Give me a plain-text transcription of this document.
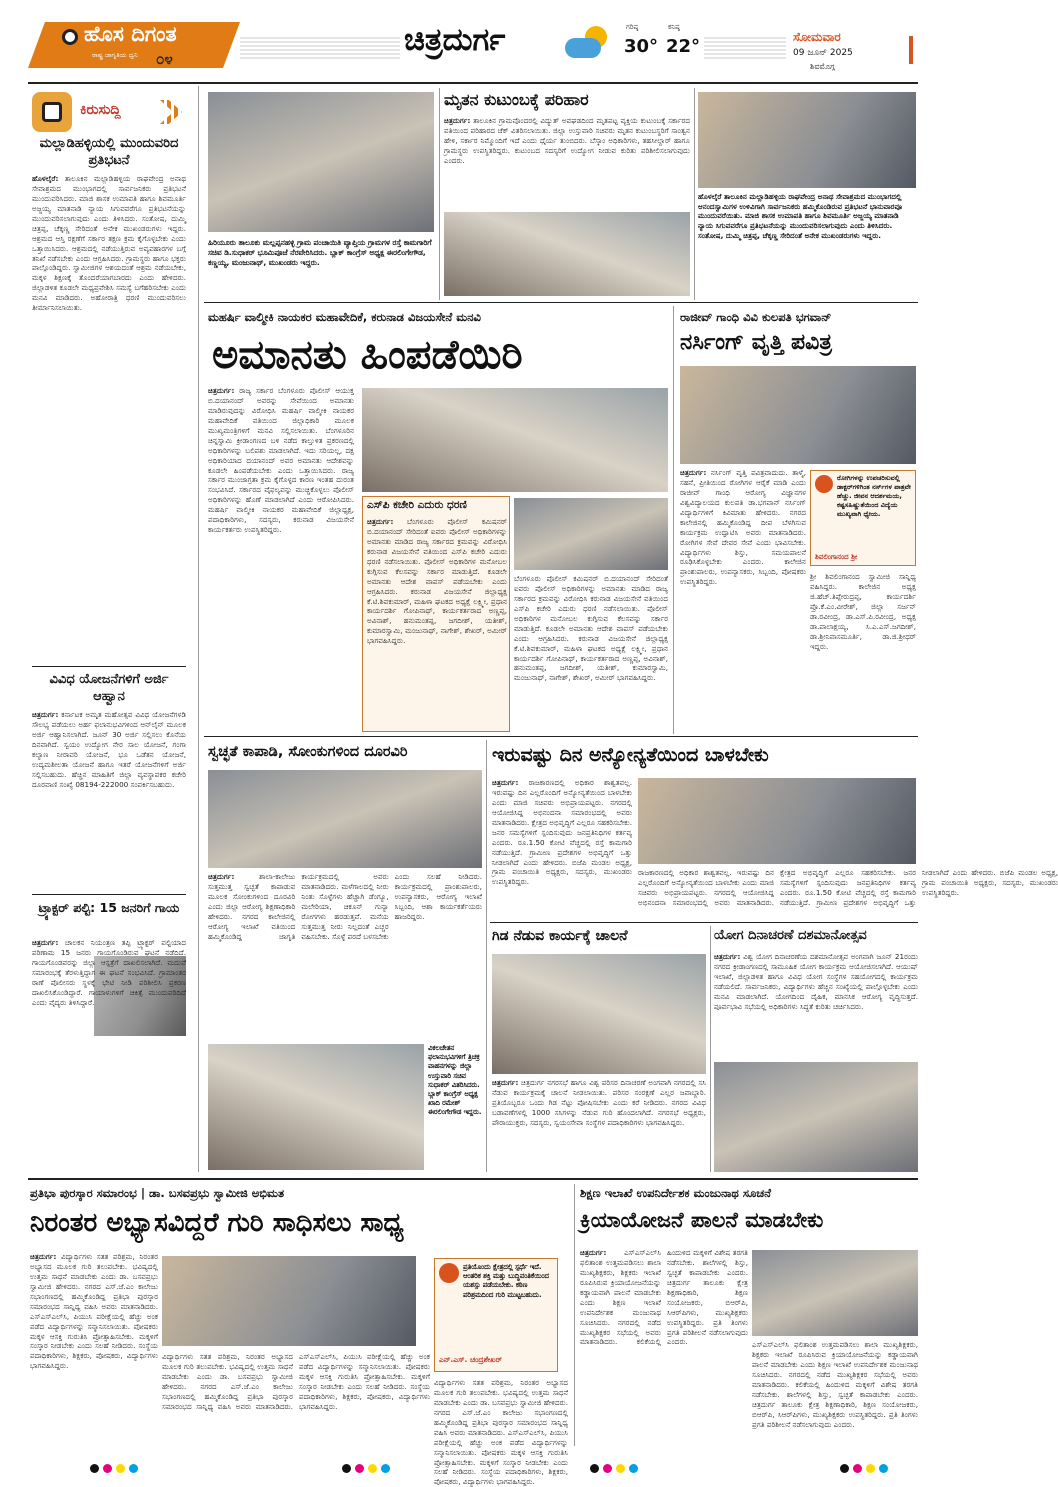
ಹೊಸ ದಿಗಂತ
ರಾಷ್ಟ್ರ ಜಾಗೃತಿಯ ಧ್ವನಿ	೦೪
ಚಿತ್ರದುರ್ಗ	ಗರಿಷ್ಠ
30°
ಕನಿಷ್ಠ
22°	ಸೋಮವಾರ
09 ಜೂನ್ 2025
ಶಿವಮೊಗ್ಗ
ಕಿರುಸುದ್ದಿ
ಮಲ್ಲಾಡಿಹಳ್ಳಿಯಲ್ಲಿ ಮುಂದುವರಿದ ಪ್ರತಿಭಟನೆ
ಹೊಳಲ್ಕೆರೆ: ತಾಲೂಕಿನ ಮಲ್ಲಾಡಿಹಳ್ಳಿಯ ರಾಘವೇಂದ್ರ ಅನಾಥ ಸೇವಾಶ್ರಮದ ಮುಂಭಾಗದಲ್ಲಿ ಸಾರ್ವಜನಿಕರು ಪ್ರತಿಭಟನೆ ಮುಂದುವರಿಸಿದರು. ಮಾಜಿ ಶಾಸಕ ಉಮಾಪತಿ ಹಾಗೂ ಶಿವಮೂರ್ತಿ ಅಜ್ಜಯ್ಯ ಮಾತನಾಡಿ ನ್ಯಾಯ ಸಿಗುವವರೆಗೂ ಪ್ರತಿಭಟನೆಯನ್ನು ಮುಂದುವರಿಸಲಾಗುವುದು ಎಂದು ತಿಳಿಸಿದರು. ಸಂತೋಷ, ದುಮ್ಮಿ ಚಿತ್ರಪ್ಪ, ಚೆಕ್ಕಣ್ಣ ಸೇರಿದಂತೆ ಅನೇಕ ಮುಖಂಡರುಗಳು ಇದ್ದರು. ಆಶ್ರಮದ ಆಸ್ತಿ ರಕ್ಷಣೆಗೆ ಸರ್ಕಾರ ತಕ್ಷಣ ಕ್ರಮ ಕೈಗೊಳ್ಳಬೇಕು ಎಂದು ಒತ್ತಾಯಿಸಿದರು. ಆಶ್ರಮದಲ್ಲಿ ನಡೆಯುತ್ತಿರುವ ಅವ್ಯವಹಾರಗಳ ಬಗ್ಗೆ ತನಿಖೆ ನಡೆಸಬೇಕು ಎಂದು ಆಗ್ರಹಿಸಿದರು. ಗ್ರಾಮಸ್ಥರು ಹಾಗೂ ಭಕ್ತರು ಪಾಲ್ಗೊಂಡಿದ್ದರು. ಸ್ವಾಮೀಜಿಗಳ ಆಶಯದಂತೆ ಆಶ್ರಮ ನಡೆಯಬೇಕು, ಮಕ್ಕಳ ಶಿಕ್ಷಣಕ್ಕೆ ತೊಂದರೆಯಾಗಬಾರದು ಎಂದು ಹೇಳಿದರು. ಜಿಲ್ಲಾಡಳಿತ ಕೂಡಲೇ ಮಧ್ಯಪ್ರವೇಶಿಸಿ ಸಮಸ್ಯೆ ಬಗೆಹರಿಸಬೇಕು ಎಂದು ಮನವಿ ಮಾಡಿದರು. ಅಹೋರಾತ್ರಿ ಧರಣಿ ಮುಂದುವರಿಸಲು ತೀರ್ಮಾನಿಸಲಾಯಿತು.
ವಿವಿಧ ಯೋಜನೆಗಳಿಗೆ ಅರ್ಜಿ ಆಹ್ವಾನ
ಚಿತ್ರದುರ್ಗ: ಕರ್ನಾಟಕ ಅಮೃತ ಮಹೋತ್ಸವ ವಿವಿಧ ಯೋಜನೆಗಳಡಿ ಸೌಲಭ್ಯ ಪಡೆಯಲು ಅರ್ಹ ಫಲಾನುಭವಿಗಳಿಂದ ಆನ್‌ಲೈನ್ ಮೂಲಕ ಅರ್ಜಿ ಆಹ್ವಾನಿಸಲಾಗಿದೆ. ಜೂನ್ 30 ಅರ್ಜಿ ಸಲ್ಲಿಸಲು ಕೊನೆಯ ದಿನವಾಗಿದೆ. ಸ್ವಯಂ ಉದ್ಯೋಗ ನೇರ ಸಾಲ ಯೋಜನೆ, ಗಂಗಾ ಕಲ್ಯಾಣ ನೀರಾವರಿ ಯೋಜನೆ, ಭೂ ಒಡೆತನ ಯೋಜನೆ, ಉದ್ಯಮಶೀಲತಾ ಯೋಜನೆ ಹಾಗೂ ಇತರೆ ಯೋಜನೆಗಳಿಗೆ ಅರ್ಜಿ ಸಲ್ಲಿಸಬಹುದು. ಹೆಚ್ಚಿನ ಮಾಹಿತಿಗೆ ಜಿಲ್ಲಾ ವ್ಯವಸ್ಥಾಪಕರ ಕಚೇರಿ ದೂರವಾಣಿ ಸಂಖ್ಯೆ 08194-222000 ಸಂಪರ್ಕಿಸಬಹುದು.
ಟ್ರ್ಯಾಕ್ಟರ್ ಪಲ್ಟಿ: 15 ಜನರಿಗೆ ಗಾಯ
ಚಿತ್ರದುರ್ಗ: ಚಾಲಕನ ನಿಯಂತ್ರಣ ತಪ್ಪಿ ಟ್ರ್ಯಾಕ್ಟರ್ ಪಲ್ಟಿಯಾದ ಪರಿಣಾಮ 15 ಜನರು ಗಾಯಗೊಂಡಿರುವ ಘಟನೆ ನಡೆದಿದೆ. ಗಾಯಗೊಂಡವರನ್ನು ಜಿಲ್ಲಾ ಆಸ್ಪತ್ರೆಗೆ ದಾಖಲಿಸಲಾಗಿದೆ. ಮದುವೆ ಸಮಾರಂಭಕ್ಕೆ ತೆರಳುತ್ತಿದ್ದಾಗ ಈ ಘಟನೆ ಸಂಭವಿಸಿದೆ. ಗ್ರಾಮಾಂತರ ಠಾಣೆ ಪೊಲೀಸರು ಸ್ಥಳಕ್ಕೆ ಭೇಟಿ ನೀಡಿ ಪರಿಶೀಲಿಸಿ ಪ್ರಕರಣ ದಾಖಲಿಸಿಕೊಂಡಿದ್ದಾರೆ. ಗಾಯಾಳುಗಳಿಗೆ ಚಿಕಿತ್ಸೆ ಮುಂದುವರಿದಿದೆ ಎಂದು ವೈದ್ಯರು ತಿಳಿಸಿದ್ದಾರೆ.
ಹಿರಿಯೂರು ತಾಲೂಕು ಮಲ್ಲಪ್ಪನಹಳ್ಳಿ ಗ್ರಾಮ ಪಂಚಾಯಿತಿ ವ್ಯಾಪ್ತಿಯ ಗ್ರಾಮಗಳ ರಸ್ತೆ ಕಾಮಗಾರಿಗೆ ಸಚಿವ ಡಿ.ಸುಧಾಕರ್ ಭೂಮಿಪೂಜೆ ನೆರವೇರಿಸಿದರು. ಬ್ಲಾಕ್ ಕಾಂಗ್ರೆಸ್ ಅಧ್ಯಕ್ಷ ಈರಲಿಂಗೇಗೌಡ, ಕಣ್ಣಯ್ಯ, ಮಂಜುನಾಥ್, ಮುಖಂಡರು ಇದ್ದರು.
ಮೃತನ ಕುಟುಂಬಕ್ಕೆ ಪರಿಹಾರ
ಚಿತ್ರದುರ್ಗ: ತಾಲೂಕಿನ ಗ್ರಾಮವೊಂದರಲ್ಲಿ ವಿದ್ಯುತ್ ಅವಘಡದಿಂದ ಮೃತಪಟ್ಟ ವ್ಯಕ್ತಿಯ ಕುಟುಂಬಕ್ಕೆ ಸರ್ಕಾರದ ವತಿಯಿಂದ ಪರಿಹಾರದ ಚೆಕ್ ವಿತರಿಸಲಾಯಿತು. ಜಿಲ್ಲಾ ಉಸ್ತುವಾರಿ ಸಚಿವರು ಮೃತನ ಕುಟುಂಬಸ್ಥರಿಗೆ ಸಾಂತ್ವನ ಹೇಳಿ, ಸರ್ಕಾರ ನಿಮ್ಮೊಂದಿಗೆ ಇದೆ ಎಂದು ಧೈರ್ಯ ತುಂಬಿದರು. ಬೆಸ್ಕಾಂ ಅಧಿಕಾರಿಗಳು, ತಹಸೀಲ್ದಾರ್ ಹಾಗೂ ಗ್ರಾಮಸ್ಥರು ಉಪಸ್ಥಿತರಿದ್ದರು. ಕುಟುಂಬದ ಸದಸ್ಯರಿಗೆ ಉದ್ಯೋಗ ನೀಡುವ ಕುರಿತು ಪರಿಶೀಲಿಸಲಾಗುವುದು ಎಂದರು.
ಹೊಳಲ್ಕೆರೆ ತಾಲೂಕಿನ ಮಲ್ಲಾಡಿಹಳ್ಳಿಯ ರಾಘವೇಂದ್ರ ಅನಾಥ ಸೇವಾಶ್ರಮದ ಮುಂಭಾಗದಲ್ಲಿ ಆನಂದಸ್ವಾಮಿಗಳ ಉಳಿವಿಗಾಗಿ ಸಾರ್ವಜನಿಕರು ಹಮ್ಮಿಕೊಂಡಿರುವ ಪ್ರತಿಭಟನೆ ಭಾನುವಾರವೂ ಮುಂದುವರೆಯಿತು. ಮಾಜಿ ಶಾಸಕ ಉಮಾಪತಿ ಹಾಗೂ ಶಿವಮೂರ್ತಿ ಅಜ್ಜಯ್ಯ ಮಾತನಾಡಿ ನ್ಯಾಯ ಸಿಗುವವರೆಗೂ ಪ್ರತಿಭಟನೆಯನ್ನು ಮುಂದುವರಿಸಲಾಗುವುದು ಎಂದು ತಿಳಿಸಿದರು. ಸಂತೋಷ, ದುಮ್ಮಿ ಚಿತ್ರಪ್ಪ, ಚೆಕ್ಕಣ್ಣ ಸೇರಿದಂತೆ ಅನೇಕ ಮುಖಂಡರುಗಳು ಇದ್ದರು.
ಮಹರ್ಷಿ ವಾಲ್ಮೀಕಿ ನಾಯಕರ ಮಹಾವೇದಿಕೆ, ಕರುನಾಡ ವಿಜಯಸೇನೆ ಮನವಿ
ಅಮಾನತು ಹಿಂಪಡೆಯಿರಿ
ಚಿತ್ರದುರ್ಗ: ರಾಜ್ಯ ಸರ್ಕಾರ ಬೆಂಗಳೂರು ಪೊಲೀಸ್ ಆಯುಕ್ತ ಬಿ.ದಯಾನಂದ್ ಅವರನ್ನು ಸೇವೆಯಿಂದ ಅಮಾನತು ಮಾಡಿರುವುದನ್ನು ವಿರೋಧಿಸಿ ಮಹರ್ಷಿ ವಾಲ್ಮೀಕಿ ನಾಯಕರ ಮಹಾವೇದಿಕೆ ವತಿಯಿಂದ ಜಿಲ್ಲಾಧಿಕಾರಿ ಮೂಲಕ ಮುಖ್ಯಮಂತ್ರಿಗಳಿಗೆ ಮನವಿ ಸಲ್ಲಿಸಲಾಯಿತು. ಬೆಂಗಳೂರಿನ ಚಿನ್ನಸ್ವಾಮಿ ಕ್ರೀಡಾಂಗಣದ ಬಳಿ ನಡೆದ ಕಾಲ್ತುಳಿತ ಪ್ರಕರಣದಲ್ಲಿ ಅಧಿಕಾರಿಗಳನ್ನು ಬಲಿಪಶು ಮಾಡಲಾಗಿದೆ. ಇದು ಸರಿಯಲ್ಲ, ದಕ್ಷ ಅಧಿಕಾರಿಯಾದ ದಯಾನಂದ್ ಅವರ ಅಮಾನತು ಆದೇಶವನ್ನು ಕೂಡಲೇ ಹಿಂಪಡೆಯಬೇಕು ಎಂದು ಒತ್ತಾಯಿಸಿದರು. ರಾಜ್ಯ ಸರ್ಕಾರ ಮುಂಜಾಗ್ರತಾ ಕ್ರಮ ಕೈಗೊಳ್ಳದ ಕಾರಣ ಇಂತಹ ದುರಂತ ಸಂಭವಿಸಿದೆ. ಸರ್ಕಾರದ ವೈಫಲ್ಯವನ್ನು ಮುಚ್ಚಿಕೊಳ್ಳಲು ಪೊಲೀಸ್ ಅಧಿಕಾರಿಗಳನ್ನು ಹೊಣೆ ಮಾಡಲಾಗಿದೆ ಎಂದು ಆರೋಪಿಸಿದರು. ಮಹರ್ಷಿ ವಾಲ್ಮೀಕಿ ನಾಯಕರ ಮಹಾವೇದಿಕೆ ಜಿಲ್ಲಾಧ್ಯಕ್ಷ, ಪದಾಧಿಕಾರಿಗಳು, ಸದಸ್ಯರು, ಕರುನಾಡ ವಿಜಯಸೇನೆ ಕಾರ್ಯಕರ್ತರು ಉಪಸ್ಥಿತರಿದ್ದರು.
ಎಸ್‌ಪಿ ಕಚೇರಿ ಎದುರು ಧರಣಿ
ಚಿತ್ರದುರ್ಗ: ಬೆಂಗಳೂರು ಪೊಲೀಸ್ ಕಮಿಷನರ್ ಬಿ.ದಯಾನಂದ್ ಸೇರಿದಂತೆ ಐವರು ಪೊಲೀಸ್ ಅಧಿಕಾರಿಗಳನ್ನು ಅಮಾನತು ಮಾಡಿದ ರಾಜ್ಯ ಸರ್ಕಾರದ ಕ್ರಮವನ್ನು ವಿರೋಧಿಸಿ ಕರುನಾಡ ವಿಜಯಸೇನೆ ವತಿಯಿಂದ ಎಸ್‌ಪಿ ಕಚೇರಿ ಎದುರು ಧರಣಿ ನಡೆಸಲಾಯಿತು. ಪೊಲೀಸ್ ಅಧಿಕಾರಿಗಳ ಮನೋಬಲ ಕುಗ್ಗಿಸುವ ಕೆಲಸವನ್ನು ಸರ್ಕಾರ ಮಾಡುತ್ತಿದೆ. ಕೂಡಲೇ ಅಮಾನತು ಆದೇಶ ವಾಪಸ್ ಪಡೆಯಬೇಕು ಎಂದು ಆಗ್ರಹಿಸಿದರು. ಕರುನಾಡ ವಿಜಯಸೇನೆ ಜಿಲ್ಲಾಧ್ಯಕ್ಷ ಕೆ.ಟಿ.ಶಿವಕುಮಾರ್, ಮಹಿಳಾ ಘಟಕದ ಅಧ್ಯಕ್ಷೆ ಲಕ್ಷ್ಮೀ, ಪ್ರಧಾನ ಕಾರ್ಯದರ್ಶಿ ಗೋಪಿನಾಥ್, ಕಾರ್ಯಕರ್ತರಾದ ಅಣ್ಣಪ್ಪ, ಅವಿನಾಶ್, ಹನುಮಂತಪ್ಪ, ಜಗದೀಶ್, ಯತೀಶ್, ಕುಮಾರಸ್ವಾಮಿ, ಮಂಜುನಾಥ್, ನಾಗೇಶ್, ಶೇಖರ್, ಅಮೀರ್ ಭಾಗವಹಿಸಿದ್ದರು.
ಬೆಂಗಳೂರು ಪೊಲೀಸ್ ಕಮಿಷನರ್ ಬಿ.ದಯಾನಂದ್ ಸೇರಿದಂತೆ ಐವರು ಪೊಲೀಸ್ ಅಧಿಕಾರಿಗಳನ್ನು ಅಮಾನತು ಮಾಡಿದ ರಾಜ್ಯ ಸರ್ಕಾರದ ಕ್ರಮವನ್ನು ವಿರೋಧಿಸಿ ಕರುನಾಡ ವಿಜಯಸೇನೆ ವತಿಯಿಂದ ಎಸ್‌ಪಿ ಕಚೇರಿ ಎದುರು ಧರಣಿ ನಡೆಸಲಾಯಿತು. ಪೊಲೀಸ್ ಅಧಿಕಾರಿಗಳ ಮನೋಬಲ ಕುಗ್ಗಿಸುವ ಕೆಲಸವನ್ನು ಸರ್ಕಾರ ಮಾಡುತ್ತಿದೆ. ಕೂಡಲೇ ಅಮಾನತು ಆದೇಶ ವಾಪಸ್ ಪಡೆಯಬೇಕು ಎಂದು ಆಗ್ರಹಿಸಿದರು. ಕರುನಾಡ ವಿಜಯಸೇನೆ ಜಿಲ್ಲಾಧ್ಯಕ್ಷ ಕೆ.ಟಿ.ಶಿವಕುಮಾರ್, ಮಹಿಳಾ ಘಟಕದ ಅಧ್ಯಕ್ಷೆ ಲಕ್ಷ್ಮೀ, ಪ್ರಧಾನ ಕಾರ್ಯದರ್ಶಿ ಗೋಪಿನಾಥ್, ಕಾರ್ಯಕರ್ತರಾದ ಅಣ್ಣಪ್ಪ, ಅವಿನಾಶ್, ಹನುಮಂತಪ್ಪ, ಜಗದೀಶ್, ಯತೀಶ್, ಕುಮಾರಸ್ವಾಮಿ, ಮಂಜುನಾಥ್, ನಾಗೇಶ್, ಶೇಖರ್, ಅಮೀರ್ ಭಾಗವಹಿಸಿದ್ದರು.
ರಾಜೀವ್ ಗಾಂಧಿ ವಿವಿ ಕುಲಪತಿ ಭಗವಾನ್
ನರ್ಸಿಂಗ್ ವೃತ್ತಿ ಪವಿತ್ರ
ಚಿತ್ರದುರ್ಗ: ನರ್ಸಿಂಗ್ ವೃತ್ತಿ ಪವಿತ್ರವಾದುದು. ತಾಳ್ಮೆ, ಸಹನೆ, ಪ್ರೀತಿಯಿಂದ ರೋಗಿಗಳ ಆರೈಕೆ ಮಾಡಿ ಎಂದು ರಾಜೀವ್ ಗಾಂಧಿ ಆರೋಗ್ಯ ವಿಜ್ಞಾನಗಳ ವಿಶ್ವವಿದ್ಯಾಲಯದ ಕುಲಪತಿ ಡಾ.ಭಗವಾನ್ ನರ್ಸಿಂಗ್ ವಿದ್ಯಾರ್ಥಿಗಳಿಗೆ ಕಿವಿಮಾತು ಹೇಳಿದರು. ನಗರದ ಕಾಲೇಜಿನಲ್ಲಿ ಹಮ್ಮಿಕೊಂಡಿದ್ದ ದೀಪ ಬೆಳಗಿಸುವ ಕಾರ್ಯಕ್ರಮ ಉದ್ಘಾಟಿಸಿ ಅವರು ಮಾತನಾಡಿದರು. ರೋಗಿಗಳ ಸೇವೆ ದೇವರ ಸೇವೆ ಎಂದು ಭಾವಿಸಬೇಕು. ವಿದ್ಯಾರ್ಥಿಗಳು ಶಿಸ್ತು, ಸಮಯಪಾಲನೆ ರೂಢಿಸಿಕೊಳ್ಳಬೇಕು ಎಂದರು. ಕಾಲೇಜಿನ ಪ್ರಾಂಶುಪಾಲರು, ಉಪನ್ಯಾಸಕರು, ಸಿಬ್ಬಂದಿ, ಪೋಷಕರು ಉಪಸ್ಥಿತರಿದ್ದರು.
ರೋಗಿಗಳನ್ನು ಉಪಚರಿಸುವಲ್ಲಿ ಡಾಕ್ಟರ್‌ಗಳಿಗಿಂತ ನರ್ಸ್‌ಗಳ ಪಾತ್ರವೇ ಹೆಚ್ಚು. ಜೀವನ ಆದರ್ಶಮಯ, ಕಷ್ಟಸಹಿಷ್ಣುತೆಯಿಂದ ವಿದ್ಯೆಯ ಮುಖ್ಯವಾಗಿ ಧ್ಯೇಯ.
ಶಿವಲಿಂಗಾನಂದ ಶ್ರೀ
ಶ್ರೀ ಶಿವಲಿಂಗಾನಂದ ಸ್ವಾಮೀಜಿ ಸಾನ್ನಿಧ್ಯ ವಹಿಸಿದ್ದರು. ಕಾಲೇಜಿನ ಅಧ್ಯಕ್ಷ ಜಿ.ಹೆಚ್.ತಿಪ್ಪೇರುದ್ರಪ್ಪ, ಕಾರ್ಯದರ್ಶಿ ಪ್ರೊ.ಕೆ.ಎಂ.ವೀರೇಶ್, ಜಿಲ್ಲಾ ಸರ್ಜನ್ ಡಾ.ರವೀಂದ್ರ, ಡಾ.ಎಸ್.ಪಿ.ರವೀಂದ್ರ, ಅಧ್ಯಕ್ಷ ಡಾ.ಪಾಲಾಕ್ಷಯ್ಯ, ಸಿ.ಎ.ಎಸ್.ಜಗದೀಶ್, ಡಾ.ಶ್ರೀನಿವಾಸಮೂರ್ತಿ, ಡಾ.ಜಿ.ಶ್ರೀಧರ್ ಇದ್ದರು.
ಸ್ವಚ್ಛತೆ ಕಾಪಾಡಿ, ಸೋಂಕುಗಳಿಂದ ದೂರವಿರಿ
ಚಿತ್ರದುರ್ಗ:	ಶಾಲಾ-ಕಾಲೇಜು ಸುತ್ತಮುತ್ತ ಸ್ವಚ್ಛತೆ ಕಾಪಾಡುವ ಮೂಲಕ ಸೋಂಕುಗಳಿಂದ ದೂರವಿರಿ ಎಂದು ಜಿಲ್ಲಾ ಆರೋಗ್ಯ ಶಿಕ್ಷಣಾಧಿಕಾರಿ ಹೇಳಿದರು. ನಗರದ ಕಾಲೇಜಿನಲ್ಲಿ ಆರೋಗ್ಯ ಇಲಾಖೆ ವತಿಯಿಂದ ಹಮ್ಮಿಕೊಂಡಿದ್ದ ಜಾಗೃತಿ ಕಾರ್ಯಕ್ರಮದಲ್ಲಿ ಅವರು ಮಾತನಾಡಿದರು. ಮಳೆಗಾಲದಲ್ಲಿ ನೀರು ನಿಂತು ಸೊಳ್ಳೆಗಳು ಹೆಚ್ಚಾಗಿ ಡೆಂಗ್ಯೂ, ಮಲೇರಿಯಾ, ಚಿಕೂನ್ ಗುನ್ಯಾ ರೋಗಗಳು ಹರಡುತ್ತವೆ. ಮನೆಯ ಸುತ್ತಮುತ್ತ ನೀರು ನಿಲ್ಲದಂತೆ ಎಚ್ಚರ ವಹಿಸಬೇಕು. ಸೊಳ್ಳೆ ಪರದೆ ಬಳಸಬೇಕು ಎಂದು ಸಲಹೆ ನೀಡಿದರು. ಕಾರ್ಯಕ್ರಮದಲ್ಲಿ ಪ್ರಾಂಶುಪಾಲರು, ಉಪನ್ಯಾಸಕರು, ಆರೋಗ್ಯ ಇಲಾಖೆ ಸಿಬ್ಬಂದಿ, ಆಶಾ ಕಾರ್ಯಕರ್ತೆಯರು ಹಾಜರಿದ್ದರು.
ವಿಕಲಚೇತನ ಫಲಾನುಭವಿಗಳಿಗೆ ತ್ರಿಚಕ್ರ ವಾಹನಗಳನ್ನು ಜಿಲ್ಲಾ ಉಸ್ತುವಾರಿ ಸಚಿವ ಸುಧಾಕರ್ ವಿತರಿಸಿದರು. ಬ್ಲಾಕ್ ಕಾಂಗ್ರೆಸ್ ಅಧ್ಯಕ್ಷ ಖಾದಿ ರಮೇಶ್ ಈರಲಿಂಗೇಗೌಡ ಇದ್ದರು.
ಇರುವಷ್ಟು ದಿನ ಅನ್ಯೋನ್ಯತೆಯಿಂದ ಬಾಳಬೇಕು
ಚಿತ್ರದುರ್ಗ: ರಾಜಕಾರಣದಲ್ಲಿ ಅಧಿಕಾರ ಶಾಶ್ವತವಲ್ಲ. ಇರುವಷ್ಟು ದಿನ ಎಲ್ಲರೊಂದಿಗೆ ಅನ್ಯೋನ್ಯತೆಯಿಂದ ಬಾಳಬೇಕು ಎಂದು ಮಾಜಿ ಸಚಿವರು ಅಭಿಪ್ರಾಯಪಟ್ಟರು. ನಗರದಲ್ಲಿ ಆಯೋಜಿಸಿದ್ದ ಅಭಿನಂದನಾ ಸಮಾರಂಭದಲ್ಲಿ ಅವರು ಮಾತನಾಡಿದರು. ಕ್ಷೇತ್ರದ ಅಭಿವೃದ್ಧಿಗೆ ಎಲ್ಲರೂ ಸಹಕರಿಸಬೇಕು. ಜನರ ಸಮಸ್ಯೆಗಳಿಗೆ ಸ್ಪಂದಿಸುವುದು ಜನಪ್ರತಿನಿಧಿಗಳ ಕರ್ತವ್ಯ ಎಂದರು. ರೂ.1.50 ಕೋಟಿ ವೆಚ್ಚದಲ್ಲಿ ರಸ್ತೆ ಕಾಮಗಾರಿ ನಡೆಯುತ್ತಿದೆ. ಗ್ರಾಮೀಣ ಪ್ರದೇಶಗಳ ಅಭಿವೃದ್ಧಿಗೆ ಒತ್ತು ನೀಡಲಾಗಿದೆ ಎಂದು ಹೇಳಿದರು. ಬಿಜೆಪಿ ಮಂಡಲ ಅಧ್ಯಕ್ಷ, ಗ್ರಾಮ ಪಂಚಾಯಿತಿ ಅಧ್ಯಕ್ಷರು, ಸದಸ್ಯರು, ಮುಖಂಡರು ಉಪಸ್ಥಿತರಿದ್ದರು.
ರಾಜಕಾರಣದಲ್ಲಿ ಅಧಿಕಾರ ಶಾಶ್ವತವಲ್ಲ. ಇರುವಷ್ಟು ದಿನ ಎಲ್ಲರೊಂದಿಗೆ ಅನ್ಯೋನ್ಯತೆಯಿಂದ ಬಾಳಬೇಕು ಎಂದು ಮಾಜಿ ಸಚಿವರು ಅಭಿಪ್ರಾಯಪಟ್ಟರು. ನಗರದಲ್ಲಿ ಆಯೋಜಿಸಿದ್ದ ಅಭಿನಂದನಾ ಸಮಾರಂಭದಲ್ಲಿ ಅವರು ಮಾತನಾಡಿದರು. ಕ್ಷೇತ್ರದ ಅಭಿವೃದ್ಧಿಗೆ ಎಲ್ಲರೂ ಸಹಕರಿಸಬೇಕು. ಜನರ ಸಮಸ್ಯೆಗಳಿಗೆ ಸ್ಪಂದಿಸುವುದು ಜನಪ್ರತಿನಿಧಿಗಳ ಕರ್ತವ್ಯ ಎಂದರು. ರೂ.1.50 ಕೋಟಿ ವೆಚ್ಚದಲ್ಲಿ ರಸ್ತೆ ಕಾಮಗಾರಿ ನಡೆಯುತ್ತಿದೆ. ಗ್ರಾಮೀಣ ಪ್ರದೇಶಗಳ ಅಭಿವೃದ್ಧಿಗೆ ಒತ್ತು ನೀಡಲಾಗಿದೆ ಎಂದು ಹೇಳಿದರು. ಬಿಜೆಪಿ ಮಂಡಲ ಅಧ್ಯಕ್ಷ, ಗ್ರಾಮ ಪಂಚಾಯಿತಿ ಅಧ್ಯಕ್ಷರು, ಸದಸ್ಯರು, ಮುಖಂಡರು ಉಪಸ್ಥಿತರಿದ್ದರು.
ಗಿಡ ನೆಡುವ ಕಾರ್ಯಕ್ಕೆ ಚಾಲನೆ
ಚಿತ್ರದುರ್ಗ: ಚಿತ್ರದುರ್ಗ ನಗರಸಭೆ ಹಾಗೂ ವಿಶ್ವ ಪರಿಸರ ದಿನಾಚರಣೆ ಅಂಗವಾಗಿ ನಗರದಲ್ಲಿ ಸಸಿ ನೆಡುವ ಕಾರ್ಯಕ್ರಮಕ್ಕೆ ಚಾಲನೆ ನೀಡಲಾಯಿತು. ಪರಿಸರ ಸಂರಕ್ಷಣೆ ಎಲ್ಲರ ಜವಾಬ್ದಾರಿ. ಪ್ರತಿಯೊಬ್ಬರೂ ಒಂದು ಗಿಡ ನೆಟ್ಟು ಪೋಷಿಸಬೇಕು ಎಂದು ಕರೆ ನೀಡಿದರು. ನಗರದ ವಿವಿಧ ಬಡಾವಣೆಗಳಲ್ಲಿ 1000 ಸಸಿಗಳನ್ನು ನೆಡುವ ಗುರಿ ಹೊಂದಲಾಗಿದೆ. ನಗರಸಭೆ ಅಧ್ಯಕ್ಷರು, ಪೌರಾಯುಕ್ತರು, ಸದಸ್ಯರು, ಸ್ವಯಂಸೇವಾ ಸಂಸ್ಥೆಗಳ ಪದಾಧಿಕಾರಿಗಳು ಭಾಗವಹಿಸಿದ್ದರು.
ಯೋಗ ದಿನಾಚರಣೆ ದಶಮಾನೋತ್ಸವ
ಚಿತ್ರದುರ್ಗ: ವಿಶ್ವ ಯೋಗ ದಿನಾಚರಣೆಯ ದಶಮಾನೋತ್ಸವ ಅಂಗವಾಗಿ ಜೂನ್ 21ರಂದು ನಗರದ ಕ್ರೀಡಾಂಗಣದಲ್ಲಿ ಸಾಮೂಹಿಕ ಯೋಗ ಕಾರ್ಯಕ್ರಮ ಆಯೋಜಿಸಲಾಗಿದೆ. ಆಯುಷ್ ಇಲಾಖೆ, ಜಿಲ್ಲಾಡಳಿತ ಹಾಗೂ ವಿವಿಧ ಯೋಗ ಸಂಸ್ಥೆಗಳ ಸಹಯೋಗದಲ್ಲಿ ಕಾರ್ಯಕ್ರಮ ನಡೆಯಲಿದೆ. ಸಾರ್ವಜನಿಕರು, ವಿದ್ಯಾರ್ಥಿಗಳು ಹೆಚ್ಚಿನ ಸಂಖ್ಯೆಯಲ್ಲಿ ಪಾಲ್ಗೊಳ್ಳಬೇಕು ಎಂದು ಮನವಿ ಮಾಡಲಾಗಿದೆ. ಯೋಗದಿಂದ ದೈಹಿಕ, ಮಾನಸಿಕ ಆರೋಗ್ಯ ವೃದ್ಧಿಸುತ್ತದೆ. ಪೂರ್ವಭಾವಿ ಸಭೆಯಲ್ಲಿ ಅಧಿಕಾರಿಗಳು ಸಿದ್ಧತೆ ಕುರಿತು ಚರ್ಚಿಸಿದರು.
ಪ್ರತಿಭಾ ಪುರಸ್ಕಾರ ಸಮಾರಂಭ | ಡಾ. ಬಸವಪ್ರಭು ಸ್ವಾಮೀಜಿ ಅಭಿಮತ
ನಿರಂತರ ಅಭ್ಯಾಸವಿದ್ದರೆ ಗುರಿ ಸಾಧಿಸಲು ಸಾಧ್ಯ
ಚಿತ್ರದುರ್ಗ: ವಿದ್ಯಾರ್ಥಿಗಳು ಸತತ ಪರಿಶ್ರಮ, ನಿರಂತರ ಅಭ್ಯಾಸದ ಮೂಲಕ ಗುರಿ ತಲುಪಬೇಕು. ಭವಿಷ್ಯದಲ್ಲಿ ಉತ್ತಮ ಸಾಧನೆ ಮಾಡಬೇಕು ಎಂದು ಡಾ. ಬಸವಪ್ರಭು ಸ್ವಾಮೀಜಿ ಹೇಳಿದರು. ನಗರದ ಎಸ್.ಜೆ.ಎಂ ಕಾಲೇಜು ಸಭಾಂಗಣದಲ್ಲಿ ಹಮ್ಮಿಕೊಂಡಿದ್ದ ಪ್ರತಿಭಾ ಪುರಸ್ಕಾರ ಸಮಾರಂಭದ ಸಾನ್ನಿಧ್ಯ ವಹಿಸಿ ಅವರು ಮಾತನಾಡಿದರು. ಎಸ್ಎಸ್‌ಎಲ್‌ಸಿ, ಪಿಯುಸಿ ಪರೀಕ್ಷೆಯಲ್ಲಿ ಹೆಚ್ಚು ಅಂಕ ಪಡೆದ ವಿದ್ಯಾರ್ಥಿಗಳನ್ನು ಸನ್ಮಾನಿಸಲಾಯಿತು. ಪೋಷಕರು ಮಕ್ಕಳ ಆಸಕ್ತಿ ಗುರುತಿಸಿ ಪ್ರೋತ್ಸಾಹಿಸಬೇಕು. ಮಕ್ಕಳಿಗೆ ಸಂಸ್ಕಾರ ನೀಡಬೇಕು ಎಂದು ಸಲಹೆ ನೀಡಿದರು. ಸಂಸ್ಥೆಯ ಪದಾಧಿಕಾರಿಗಳು, ಶಿಕ್ಷಕರು, ಪೋಷಕರು, ವಿದ್ಯಾರ್ಥಿಗಳು ಭಾಗವಹಿಸಿದ್ದರು.
ಪ್ರತಿಯೊಂದು ಕ್ಷೇತ್ರದಲ್ಲಿ ಸ್ಪರ್ಧೆ ಇದೆ. ಆಂತರಿಕ ಶಕ್ತಿ ಮತ್ತು ಬುದ್ಧಿವಂತಿಕೆಯಿಂದ ಯಶಸ್ಸು ಪಡೆಯಬೇಕು. ಕಠಿಣ ಪರಿಶ್ರಮದಿಂದ ಗುರಿ ಮುಟ್ಟಬಹುದು.
ಎನ್.ಎಸ್. ಚಂದ್ರಶೇಖರ್
ವಿದ್ಯಾರ್ಥಿಗಳು ಸತತ ಪರಿಶ್ರಮ, ನಿರಂತರ ಅಭ್ಯಾಸದ ಮೂಲಕ ಗುರಿ ತಲುಪಬೇಕು. ಭವಿಷ್ಯದಲ್ಲಿ ಉತ್ತಮ ಸಾಧನೆ ಮಾಡಬೇಕು ಎಂದು ಡಾ. ಬಸವಪ್ರಭು ಸ್ವಾಮೀಜಿ ಹೇಳಿದರು. ನಗರದ ಎಸ್.ಜೆ.ಎಂ ಕಾಲೇಜು ಸಭಾಂಗಣದಲ್ಲಿ ಹಮ್ಮಿಕೊಂಡಿದ್ದ ಪ್ರತಿಭಾ ಪುರಸ್ಕಾರ ಸಮಾರಂಭದ ಸಾನ್ನಿಧ್ಯ ವಹಿಸಿ ಅವರು ಮಾತನಾಡಿದರು. ಎಸ್ಎಸ್‌ಎಲ್‌ಸಿ, ಪಿಯುಸಿ ಪರೀಕ್ಷೆಯಲ್ಲಿ ಹೆಚ್ಚು ಅಂಕ ಪಡೆದ ವಿದ್ಯಾರ್ಥಿಗಳನ್ನು ಸನ್ಮಾನಿಸಲಾಯಿತು. ಪೋಷಕರು ಮಕ್ಕಳ ಆಸಕ್ತಿ ಗುರುತಿಸಿ ಪ್ರೋತ್ಸಾಹಿಸಬೇಕು. ಮಕ್ಕಳಿಗೆ ಸಂಸ್ಕಾರ ನೀಡಬೇಕು ಎಂದು ಸಲಹೆ ನೀಡಿದರು. ಸಂಸ್ಥೆಯ ಪದಾಧಿಕಾರಿಗಳು, ಶಿಕ್ಷಕರು, ಪೋಷಕರು, ವಿದ್ಯಾರ್ಥಿಗಳು ಭಾಗವಹಿಸಿದ್ದರು.
ವಿದ್ಯಾರ್ಥಿಗಳು ಸತತ ಪರಿಶ್ರಮ, ನಿರಂತರ ಅಭ್ಯಾಸದ ಮೂಲಕ ಗುರಿ ತಲುಪಬೇಕು. ಭವಿಷ್ಯದಲ್ಲಿ ಉತ್ತಮ ಸಾಧನೆ ಮಾಡಬೇಕು ಎಂದು ಡಾ. ಬಸವಪ್ರಭು ಸ್ವಾಮೀಜಿ ಹೇಳಿದರು. ನಗರದ ಎಸ್.ಜೆ.ಎಂ ಕಾಲೇಜು ಸಭಾಂಗಣದಲ್ಲಿ ಹಮ್ಮಿಕೊಂಡಿದ್ದ ಪ್ರತಿಭಾ ಪುರಸ್ಕಾರ ಸಮಾರಂಭದ ಸಾನ್ನಿಧ್ಯ ವಹಿಸಿ ಅವರು ಮಾತನಾಡಿದರು. ಎಸ್ಎಸ್‌ಎಲ್‌ಸಿ, ಪಿಯುಸಿ ಪರೀಕ್ಷೆಯಲ್ಲಿ ಹೆಚ್ಚು ಅಂಕ ಪಡೆದ ವಿದ್ಯಾರ್ಥಿಗಳನ್ನು ಸನ್ಮಾನಿಸಲಾಯಿತು. ಪೋಷಕರು ಮಕ್ಕಳ ಆಸಕ್ತಿ ಗುರುತಿಸಿ ಪ್ರೋತ್ಸಾಹಿಸಬೇಕು. ಮಕ್ಕಳಿಗೆ ಸಂಸ್ಕಾರ ನೀಡಬೇಕು ಎಂದು ಸಲಹೆ ನೀಡಿದರು. ಸಂಸ್ಥೆಯ ಪದಾಧಿಕಾರಿಗಳು, ಶಿಕ್ಷಕರು, ಪೋಷಕರು, ವಿದ್ಯಾರ್ಥಿಗಳು ಭಾಗವಹಿಸಿದ್ದರು.
ಶಿಕ್ಷಣ ಇಲಾಖೆ ಉಪನಿರ್ದೇಶಕ ಮಂಜುನಾಥ ಸೂಚನೆ
ಕ್ರಿಯಾಯೋಜನೆ ಪಾಲನೆ ಮಾಡಬೇಕು
ಚಿತ್ರದುರ್ಗ: ಎಸ್ಎಸ್‌ಎಲ್‌ಸಿ ಫಲಿತಾಂಶ ಉತ್ತಮಪಡಿಸಲು ಶಾಲಾ ಮುಖ್ಯಶಿಕ್ಷಕರು, ಶಿಕ್ಷಕರು ಇಲಾಖೆ ರೂಪಿಸಿರುವ ಕ್ರಿಯಾಯೋಜನೆಯನ್ನು ಕಡ್ಡಾಯವಾಗಿ ಪಾಲನೆ ಮಾಡಬೇಕು ಎಂದು ಶಿಕ್ಷಣ ಇಲಾಖೆ ಉಪನಿರ್ದೇಶಕ ಮಂಜುನಾಥ ಸೂಚಿಸಿದರು. ನಗರದಲ್ಲಿ ನಡೆದ ಮುಖ್ಯಶಿಕ್ಷಕರ ಸಭೆಯಲ್ಲಿ ಅವರು ಮಾತನಾಡಿದರು. ಕಲಿಕೆಯಲ್ಲಿ ಹಿಂದುಳಿದ ಮಕ್ಕಳಿಗೆ ವಿಶೇಷ ತರಗತಿ ನಡೆಸಬೇಕು. ಶಾಲೆಗಳಲ್ಲಿ ಶಿಸ್ತು, ಸ್ವಚ್ಛತೆ ಕಾಪಾಡಬೇಕು ಎಂದರು. ಚಿತ್ರದುರ್ಗ ತಾಲೂಕು ಕ್ಷೇತ್ರ ಶಿಕ್ಷಣಾಧಿಕಾರಿ, ಶಿಕ್ಷಣ ಸಂಯೋಜಕರು, ಬಿಆರ್‌ಪಿ, ಸಿಆರ್‌ಪಿಗಳು, ಮುಖ್ಯಶಿಕ್ಷಕರು ಉಪಸ್ಥಿತರಿದ್ದರು. ಪ್ರತಿ ತಿಂಗಳು ಪ್ರಗತಿ ಪರಿಶೀಲನೆ ನಡೆಸಲಾಗುವುದು ಎಂದರು.	ಎಸ್ಎಸ್‌ಎಲ್‌ಸಿ ಫಲಿತಾಂಶ ಉತ್ತಮಪಡಿಸಲು ಶಾಲಾ ಮುಖ್ಯಶಿಕ್ಷಕರು, ಶಿಕ್ಷಕರು ಇಲಾಖೆ ರೂಪಿಸಿರುವ ಕ್ರಿಯಾಯೋಜನೆಯನ್ನು ಕಡ್ಡಾಯವಾಗಿ ಪಾಲನೆ ಮಾಡಬೇಕು ಎಂದು ಶಿಕ್ಷಣ ಇಲಾಖೆ ಉಪನಿರ್ದೇಶಕ ಮಂಜುನಾಥ ಸೂಚಿಸಿದರು. ನಗರದಲ್ಲಿ ನಡೆದ ಮುಖ್ಯಶಿಕ್ಷಕರ ಸಭೆಯಲ್ಲಿ ಅವರು ಮಾತನಾಡಿದರು. ಕಲಿಕೆಯಲ್ಲಿ ಹಿಂದುಳಿದ ಮಕ್ಕಳಿಗೆ ವಿಶೇಷ ತರಗತಿ ನಡೆಸಬೇಕು. ಶಾಲೆಗಳಲ್ಲಿ ಶಿಸ್ತು, ಸ್ವಚ್ಛತೆ ಕಾಪಾಡಬೇಕು ಎಂದರು. ಚಿತ್ರದುರ್ಗ ತಾಲೂಕು ಕ್ಷೇತ್ರ ಶಿಕ್ಷಣಾಧಿಕಾರಿ, ಶಿಕ್ಷಣ ಸಂಯೋಜಕರು, ಬಿಆರ್‌ಪಿ, ಸಿಆರ್‌ಪಿಗಳು, ಮುಖ್ಯಶಿಕ್ಷಕರು ಉಪಸ್ಥಿತರಿದ್ದರು. ಪ್ರತಿ ತಿಂಗಳು ಪ್ರಗತಿ ಪರಿಶೀಲನೆ ನಡೆಸಲಾಗುವುದು ಎಂದರು.
